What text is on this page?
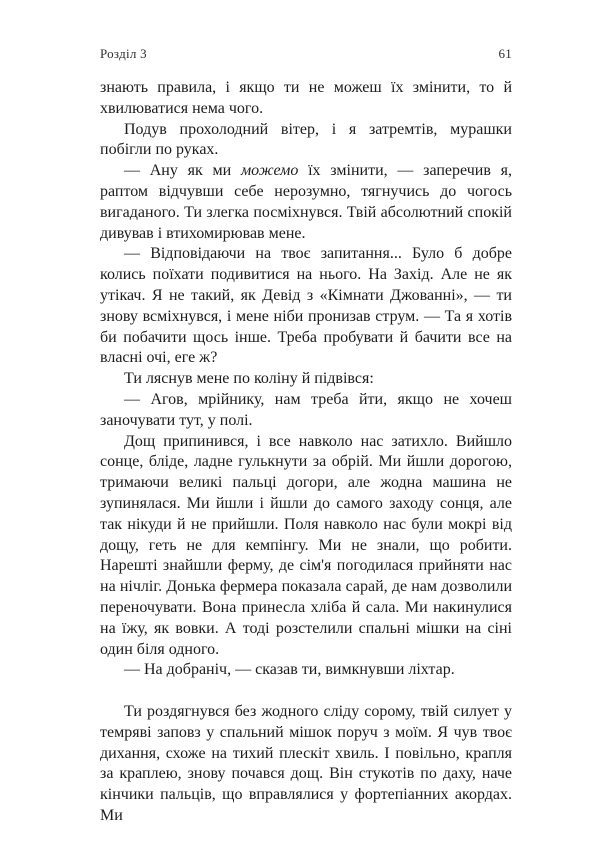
Розділ 3	61

знають правила, і якщо ти не можеш їх змінити, то й хвилюватися нема чого.

Подув прохолодний вітер, і я затремтів, мурашки побігли по руках.

— Ану як ми можемо їх змінити, — заперечив я, раптом відчувши себе нерозумно, тягнучись до чогось вигаданого. Ти злегка посміхнувся. Твій абсолютний спокій дивував і втихомирював мене.

— Відповідаючи на твоє запитання... Було б добре колись поїхати подивитися на нього. На Захід. Але не як утікач. Я не такий, як Девід з «Кімнати Джованні», — ти знову всміхнувся, і мене ніби пронизав струм. — Та я хотів би побачити щось інше. Треба пробувати й бачити все на власні очі, еге ж?

Ти ляснув мене по коліну й підвівся:

— Агов, мрійнику, нам треба йти, якщо не хочеш заночувати тут, у полі.

Дощ припинився, і все навколо нас затихло. Вийшло сонце, бліде, ладне гулькнути за обрій. Ми йшли дорогою, тримаючи великі пальці догори, але жодна машина не зупинялася. Ми йшли і йшли до самого заходу сонця, але так нікуди й не прийшли. Поля навколо нас були мокрі від дощу, геть не для кемпінгу. Ми не знали, що робити. Нарешті знайшли ферму, де сім'я погодилася прийняти нас на нічліг. Донька фермера показала сарай, де нам дозволили переночувати. Вона принесла хліба й сала. Ми накинулися на їжу, як вовки. А тоді розстелили спальні мішки на сіні один біля одного.

— На добраніч, — сказав ти, вимкнувши ліхтар.

Ти роздягнувся без жодного сліду сорому, твій силует у темряві заповз у спальний мішок поруч з моїм. Я чув твоє дихання, схоже на тихий плескіт хвиль. І повільно, крапля за краплею, знову почався дощ. Він стукотів по даху, наче кінчики пальців, що вправлялися у фортепіанних акордах. Ми
